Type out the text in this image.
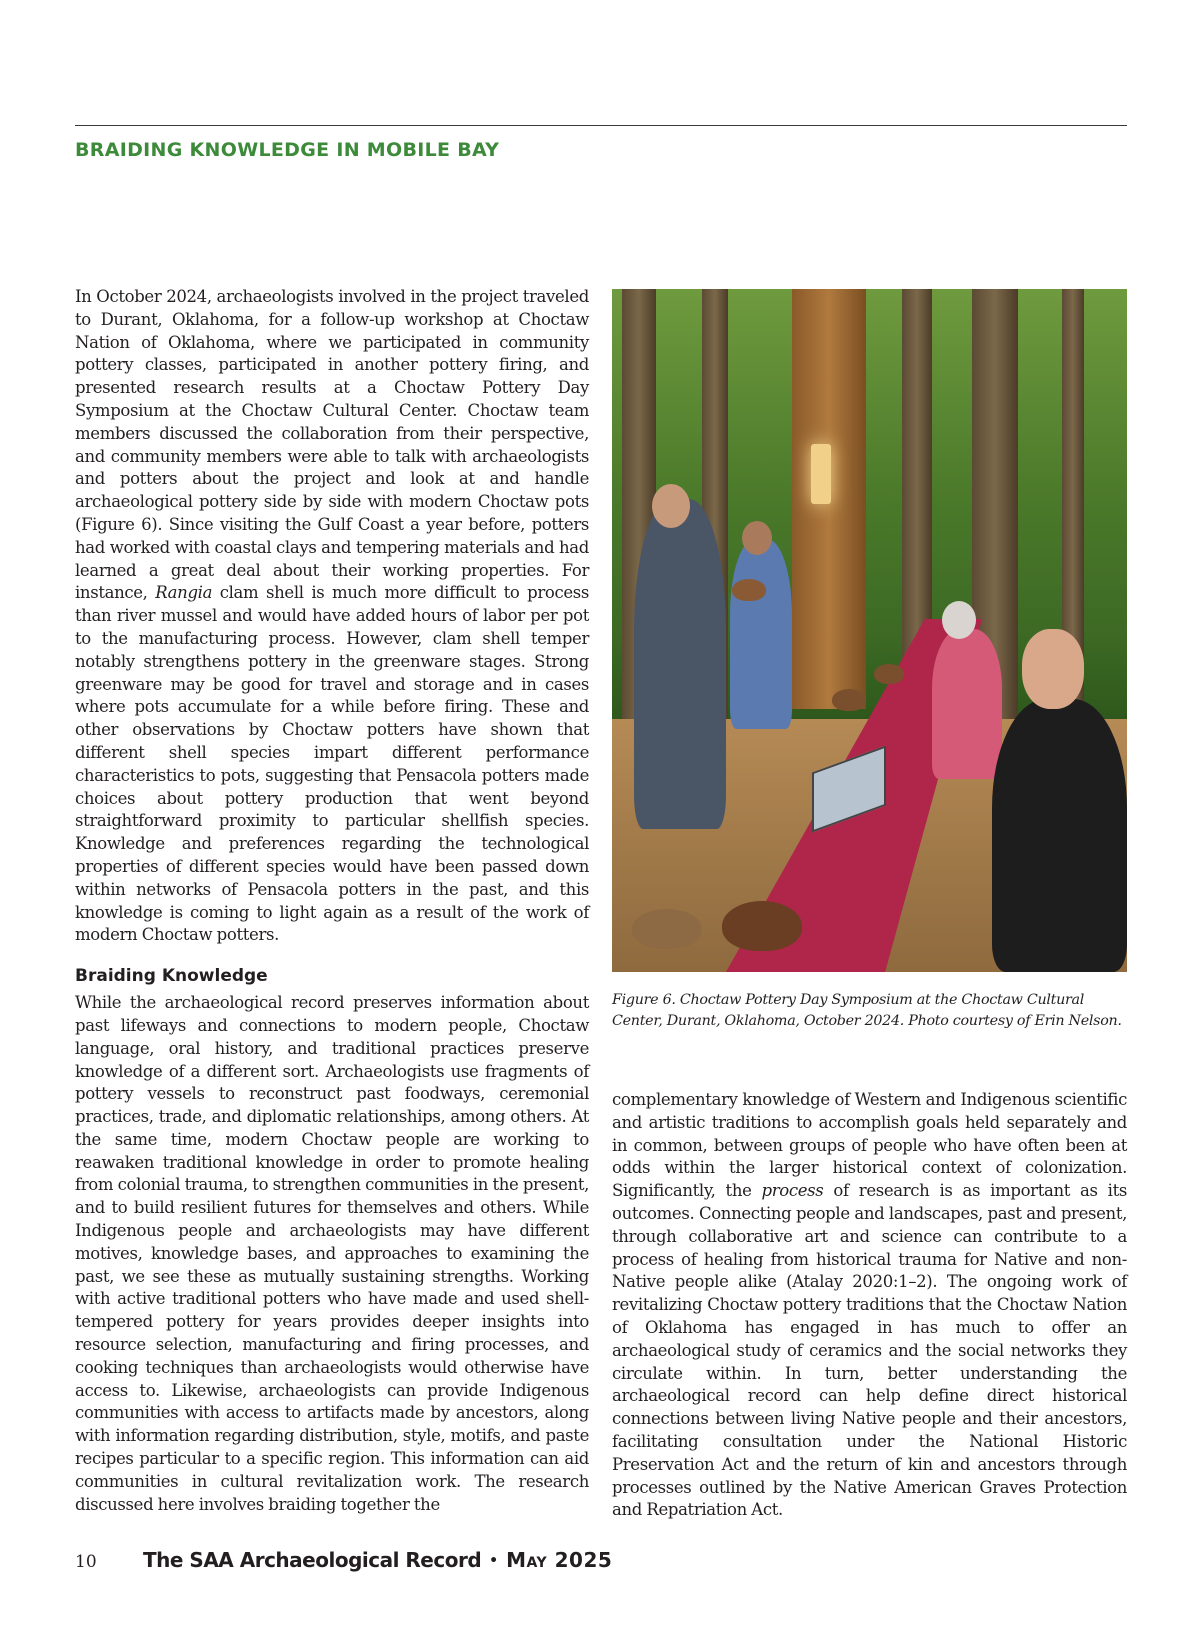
BRAIDING KNOWLEDGE IN MOBILE BAY

In October 2024, archaeologists involved in the project traveled to Durant, Oklahoma, for a follow-up workshop at Choctaw Nation of Oklahoma, where we participated in community pottery classes, participated in another pottery firing, and presented research results at a Choctaw Pottery Day Symposium at the Choctaw Cultural Center. Choctaw team members discussed the collaboration from their perspective, and community members were able to talk with archaeologists and potters about the project and look at and handle archaeological pottery side by side with modern Choctaw pots (Figure 6). Since visiting the Gulf Coast a year before, potters had worked with coastal clays and tempering materials and had learned a great deal about their working properties. For instance, Rangia clam shell is much more difficult to process than river mussel and would have added hours of labor per pot to the manufacturing process. However, clam shell temper notably strengthens pottery in the greenware stages. Strong greenware may be good for travel and storage and in cases where pots accumulate for a while before firing. These and other observations by Choctaw potters have shown that different shell species impart different performance characteristics to pots, suggesting that Pensacola potters made choices about pottery production that went beyond straightforward proximity to particular shellfish species. Knowledge and preferences regarding the technological properties of different species would have been passed down within networks of Pensacola potters in the past, and this knowledge is coming to light again as a result of the work of modern Choctaw potters.

Braiding Knowledge

While the archaeological record preserves information about past lifeways and connections to modern people, Choctaw language, oral history, and traditional practices preserve knowledge of a different sort. Archaeologists use fragments of pottery vessels to reconstruct past foodways, ceremonial practices, trade, and diplomatic relationships, among others. At the same time, modern Choctaw people are working to reawaken traditional knowledge in order to promote healing from colonial trauma, to strengthen communities in the present, and to build resilient futures for themselves and others. While Indigenous people and archaeologists may have different motives, knowledge bases, and approaches to examining the past, we see these as mutually sustaining strengths. Working with active traditional potters who have made and used shell-tempered pottery for years provides deeper insights into resource selection, manufacturing and firing processes, and cooking techniques than archaeologists would otherwise have access to. Likewise, archaeologists can provide Indigenous communities with access to artifacts made by ancestors, along with information regarding distribution, style, motifs, and paste recipes particular to a specific region. This information can aid communities in cultural revitalization work. The research discussed here involves braiding together the

Figure 6. Choctaw Pottery Day Symposium at the Choctaw Cultural Center, Durant, Oklahoma, October 2024. Photo courtesy of Erin Nelson.

complementary knowledge of Western and Indigenous scientific and artistic traditions to accomplish goals held separately and in common, between groups of people who have often been at odds within the larger historical context of colonization. Significantly, the process of research is as important as its outcomes. Connecting people and landscapes, past and present, through collaborative art and science can contribute to a process of healing from historical trauma for Native and non-Native people alike (Atalay 2020:1–2). The ongoing work of revitalizing Choctaw pottery traditions that the Choctaw Nation of Oklahoma has engaged in has much to offer an archaeological study of ceramics and the social networks they circulate within. In turn, better understanding the archaeological record can help define direct historical connections between living Native people and their ancestors, facilitating consultation under the National Historic Preservation Act and the return of kin and ancestors through processes outlined by the Native American Graves Protection and Repatriation Act.

10 The SAA Archaeological Record • May 2025
